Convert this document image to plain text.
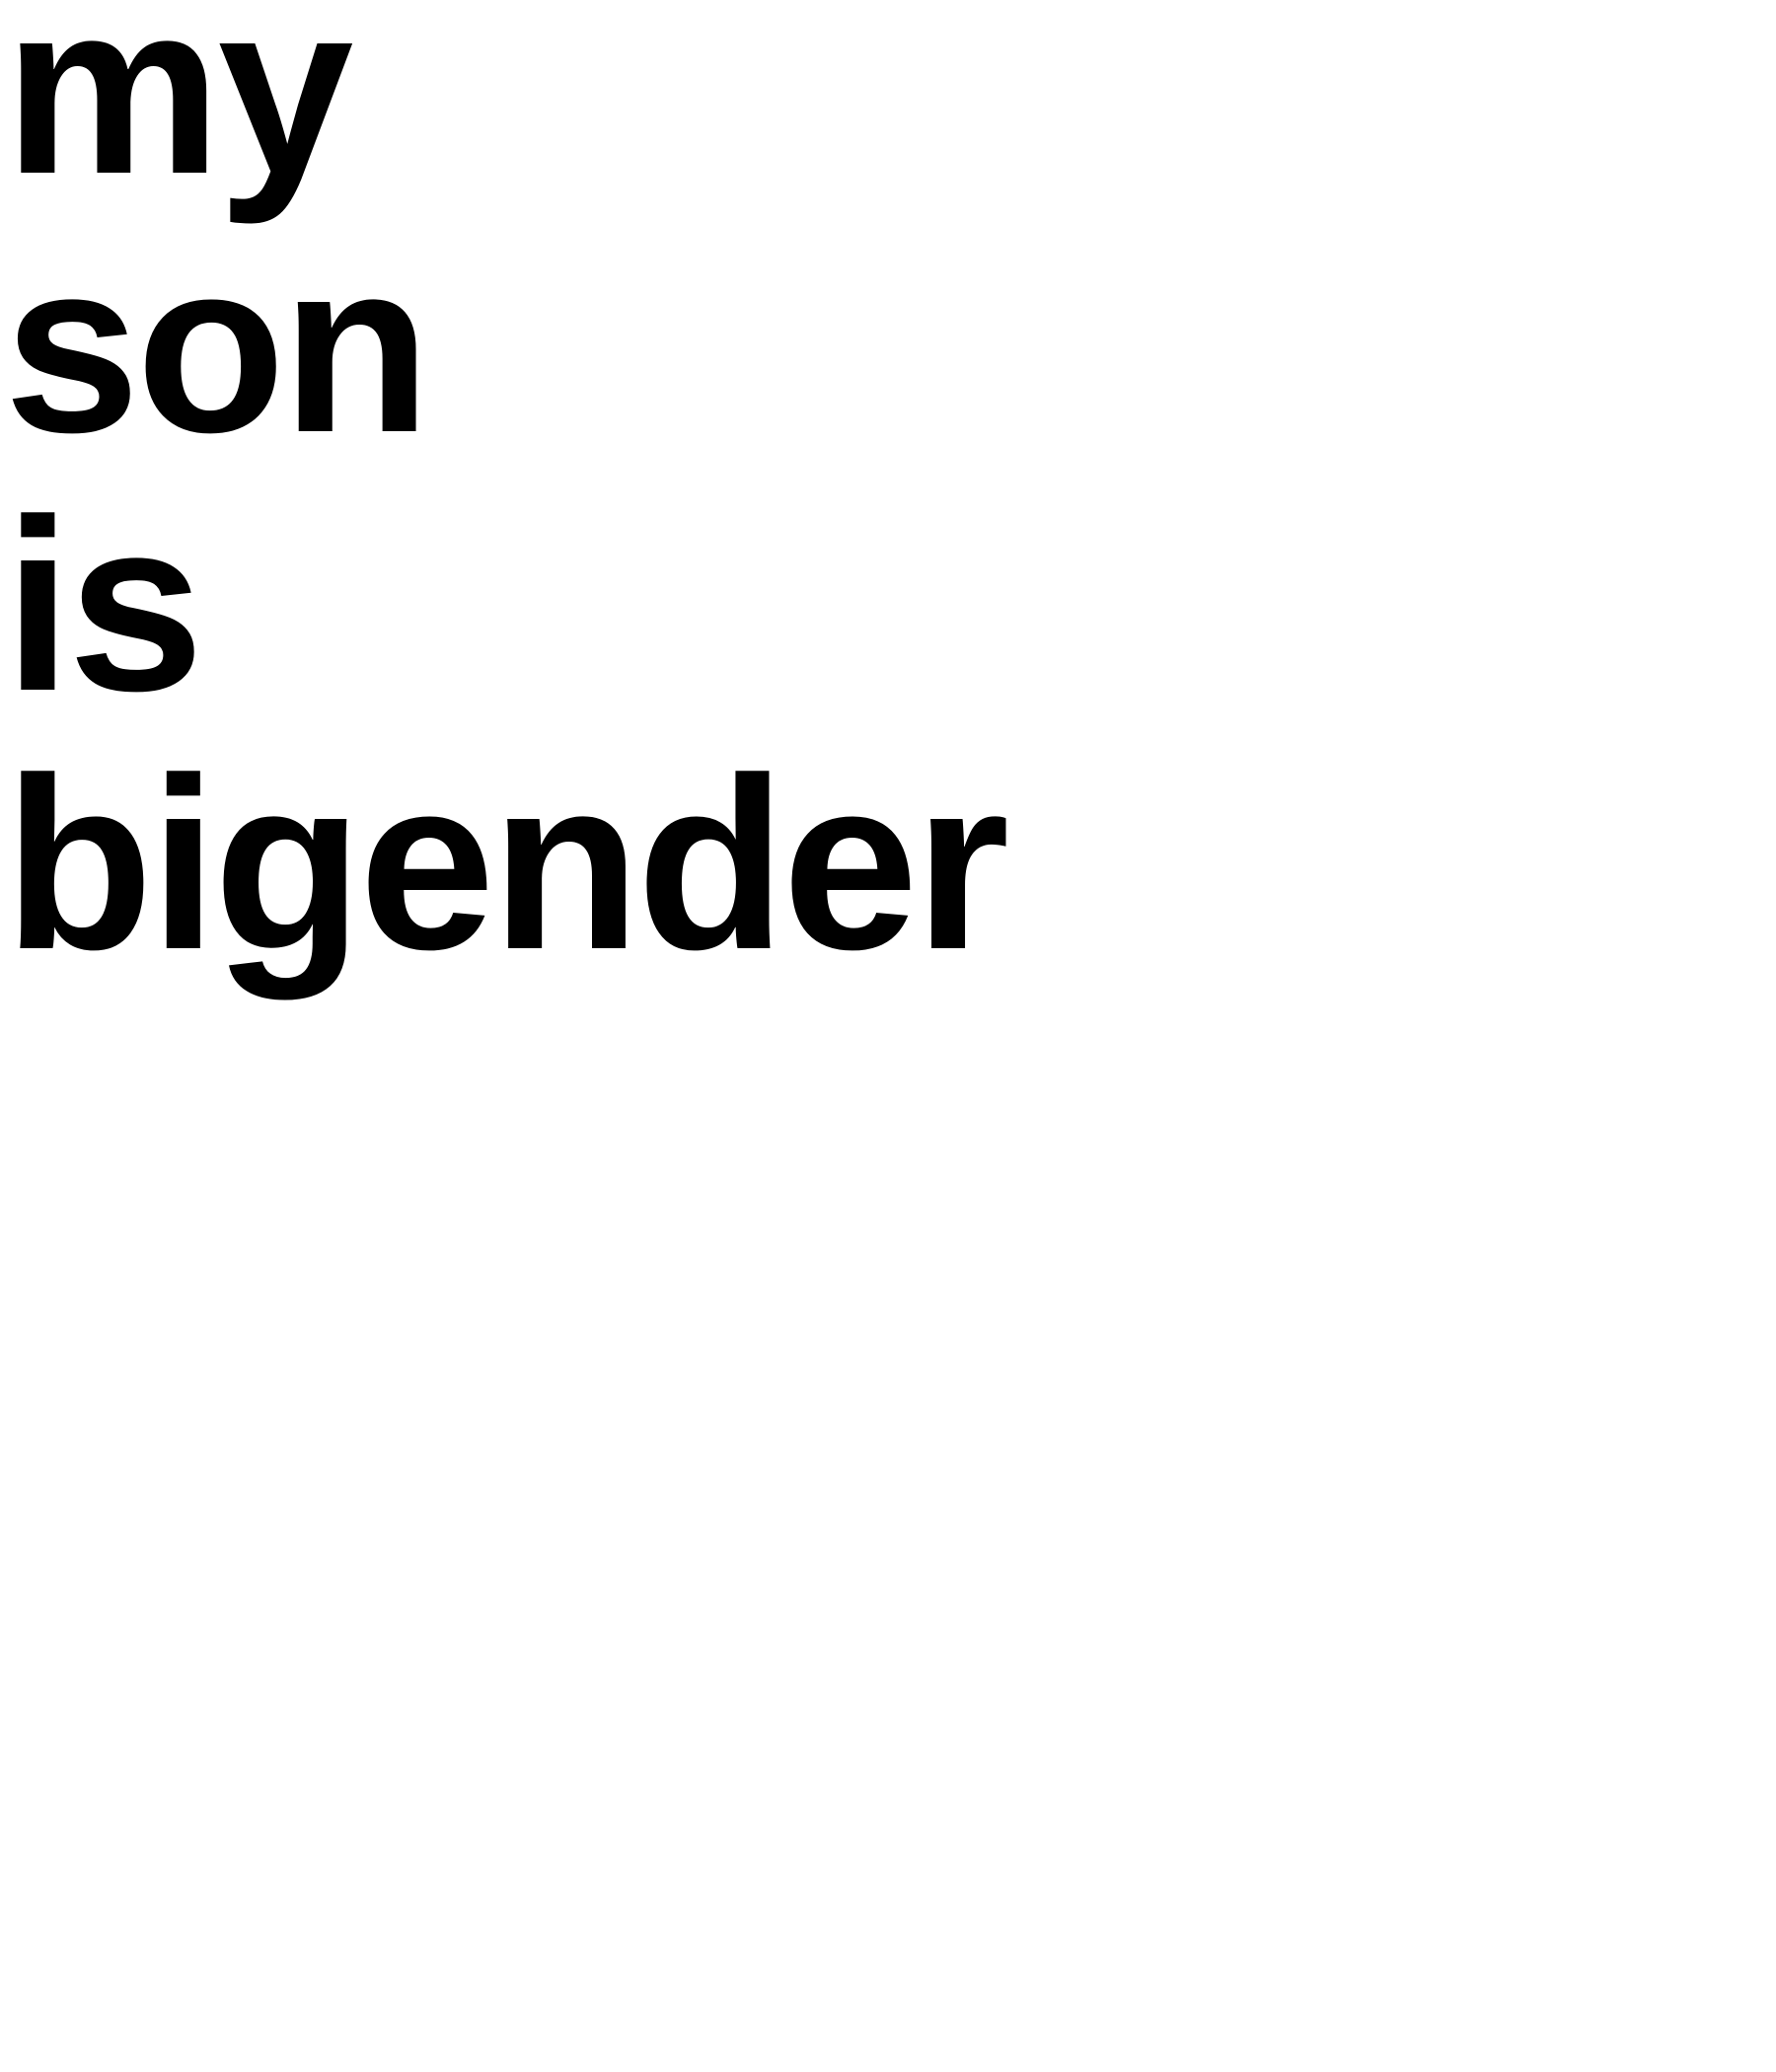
my
son
is
bigender
